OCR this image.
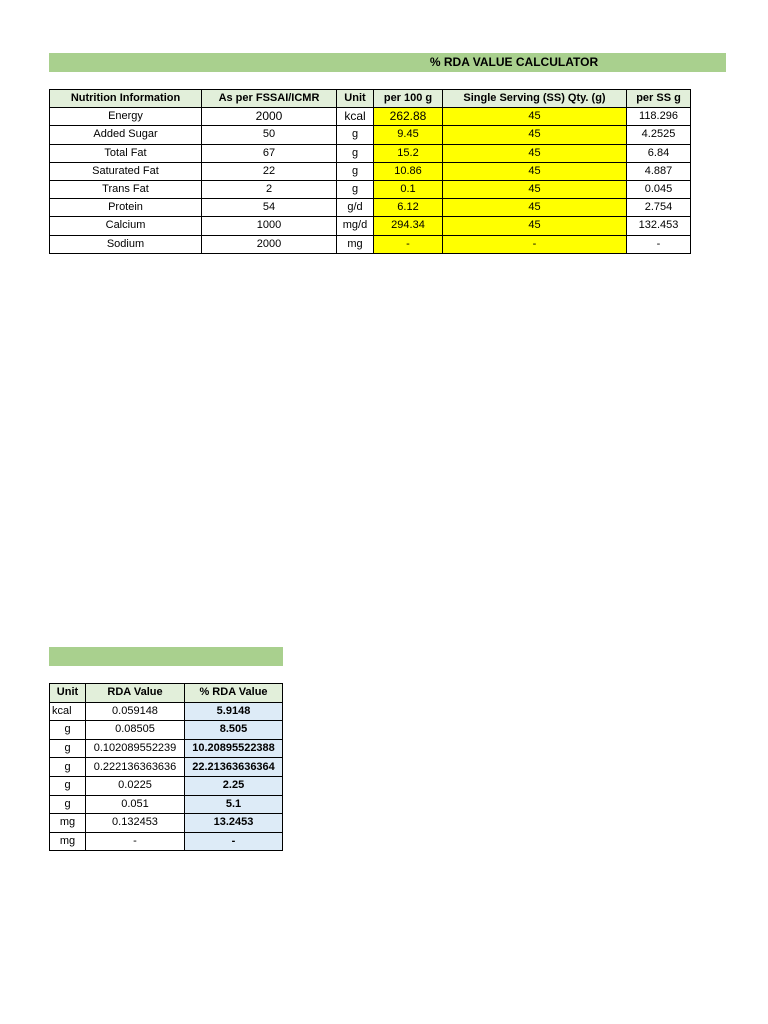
% RDA VALUE CALCULATOR
Nutrition Information	As per FSSAI/ICMR	Unit	per 100 g	Single Serving (SS) Qty. (g)	per SS g
Energy	2000	kcal	262.88	45	118.296
Added Sugar	50	g	9.45	45	4.2525
Total Fat	67	g	15.2	45	6.84
Saturated Fat	22	g	10.86	45	4.887
Trans Fat	2	g	0.1	45	0.045
Protein	54	g/d	6.12	45	2.754
Calcium	1000	mg/d	294.34	45	132.453
Sodium	2000	mg	-	-	-
Unit	RDA Value	% RDA Value
kcal	0.059148	5.9148
g	0.08505	8.505
g	0.102089552239	10.20895522388
g	0.222136363636	22.21363636364
g	0.0225	2.25
g	0.051	5.1
mg	0.132453	13.2453
mg	-	-
